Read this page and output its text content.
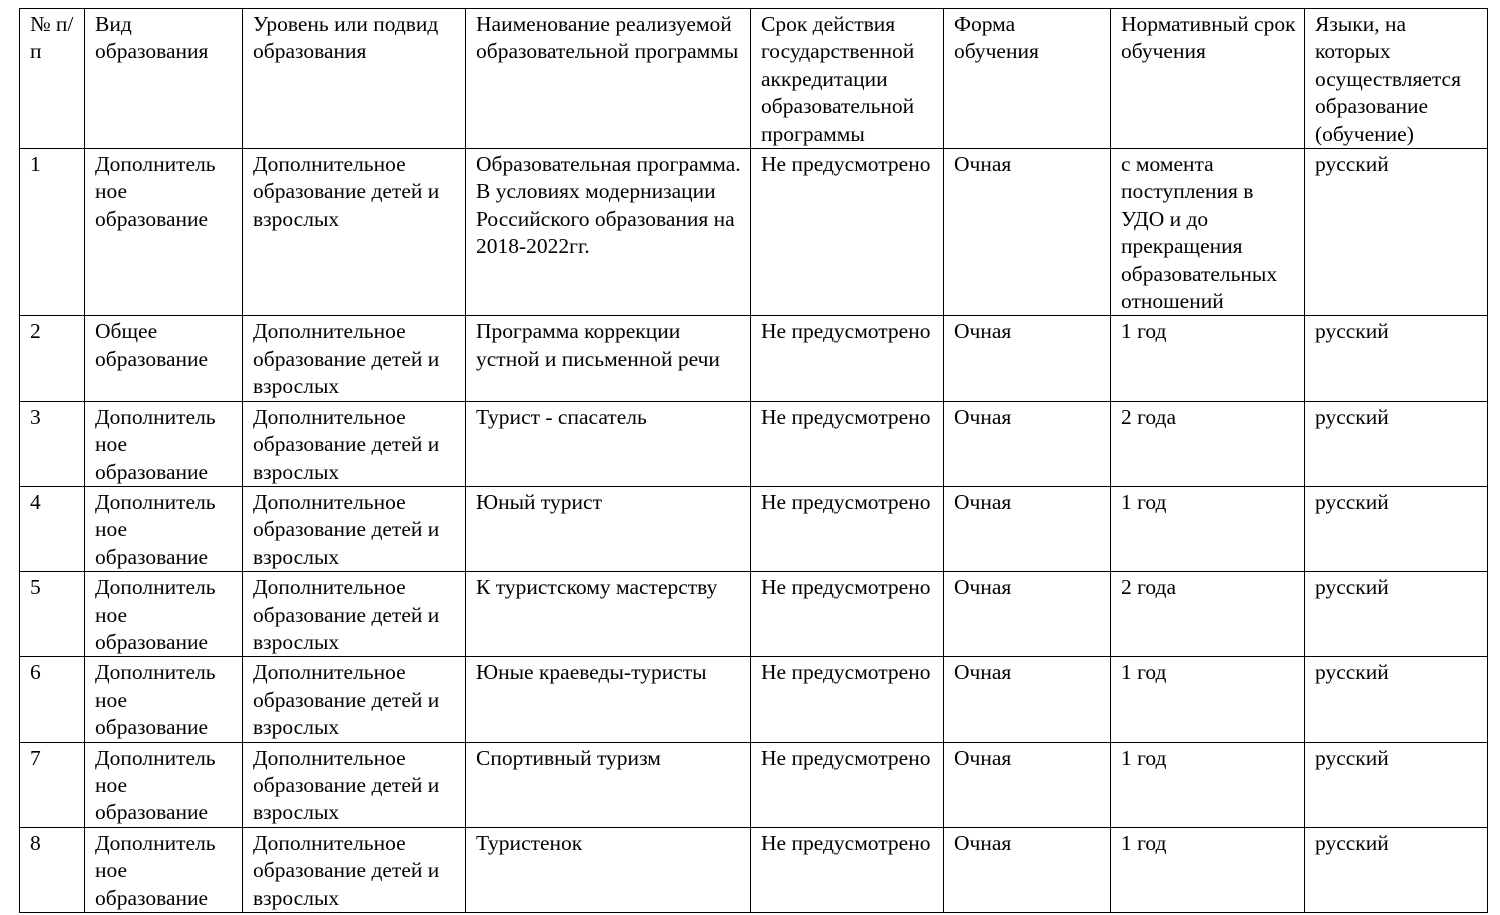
№ п/п	Вид образования	Уровень или подвид образования	Наименование реализуемой образовательной программы	Срок действия государственной аккредитации образовательной программы	Форма обучения	Нормативный срок обучения	Языки, на которых осуществляется образование (обучение)
1	Дополнитель ное образование	Дополнительное образование детей и взрослых	Образовательная программа. В условиях модернизации Российского образования на 2018-2022гг.	Не предусмотрено	Очная	с момента поступления в УДО и до прекращения образовательных отношений	русский
2	Общее образование	Дополнительное образование детей и взрослых	Программа коррекции устной и письменной речи	Не предусмотрено	Очная	1 год	русский
3	Дополнитель ное образование	Дополнительное образование детей и взрослых	Турист - спасатель	Не предусмотрено	Очная	2 года	русский
4	Дополнитель ное образование	Дополнительное образование детей и взрослых	Юный турист	Не предусмотрено	Очная	1 год	русский
5	Дополнитель ное образование	Дополнительное образование детей и взрослых	К туристскому мастерству	Не предусмотрено	Очная	2 года	русский
6	Дополнитель ное образование	Дополнительное образование детей и взрослых	Юные краеведы-туристы	Не предусмотрено	Очная	1 год	русский
7	Дополнитель ное образование	Дополнительное образование детей и взрослых	Спортивный туризм	Не предусмотрено	Очная	1 год	русский
8	Дополнитель ное образование	Дополнительное образование детей и взрослых	Туристенок	Не предусмотрено	Очная	1 год	русский
